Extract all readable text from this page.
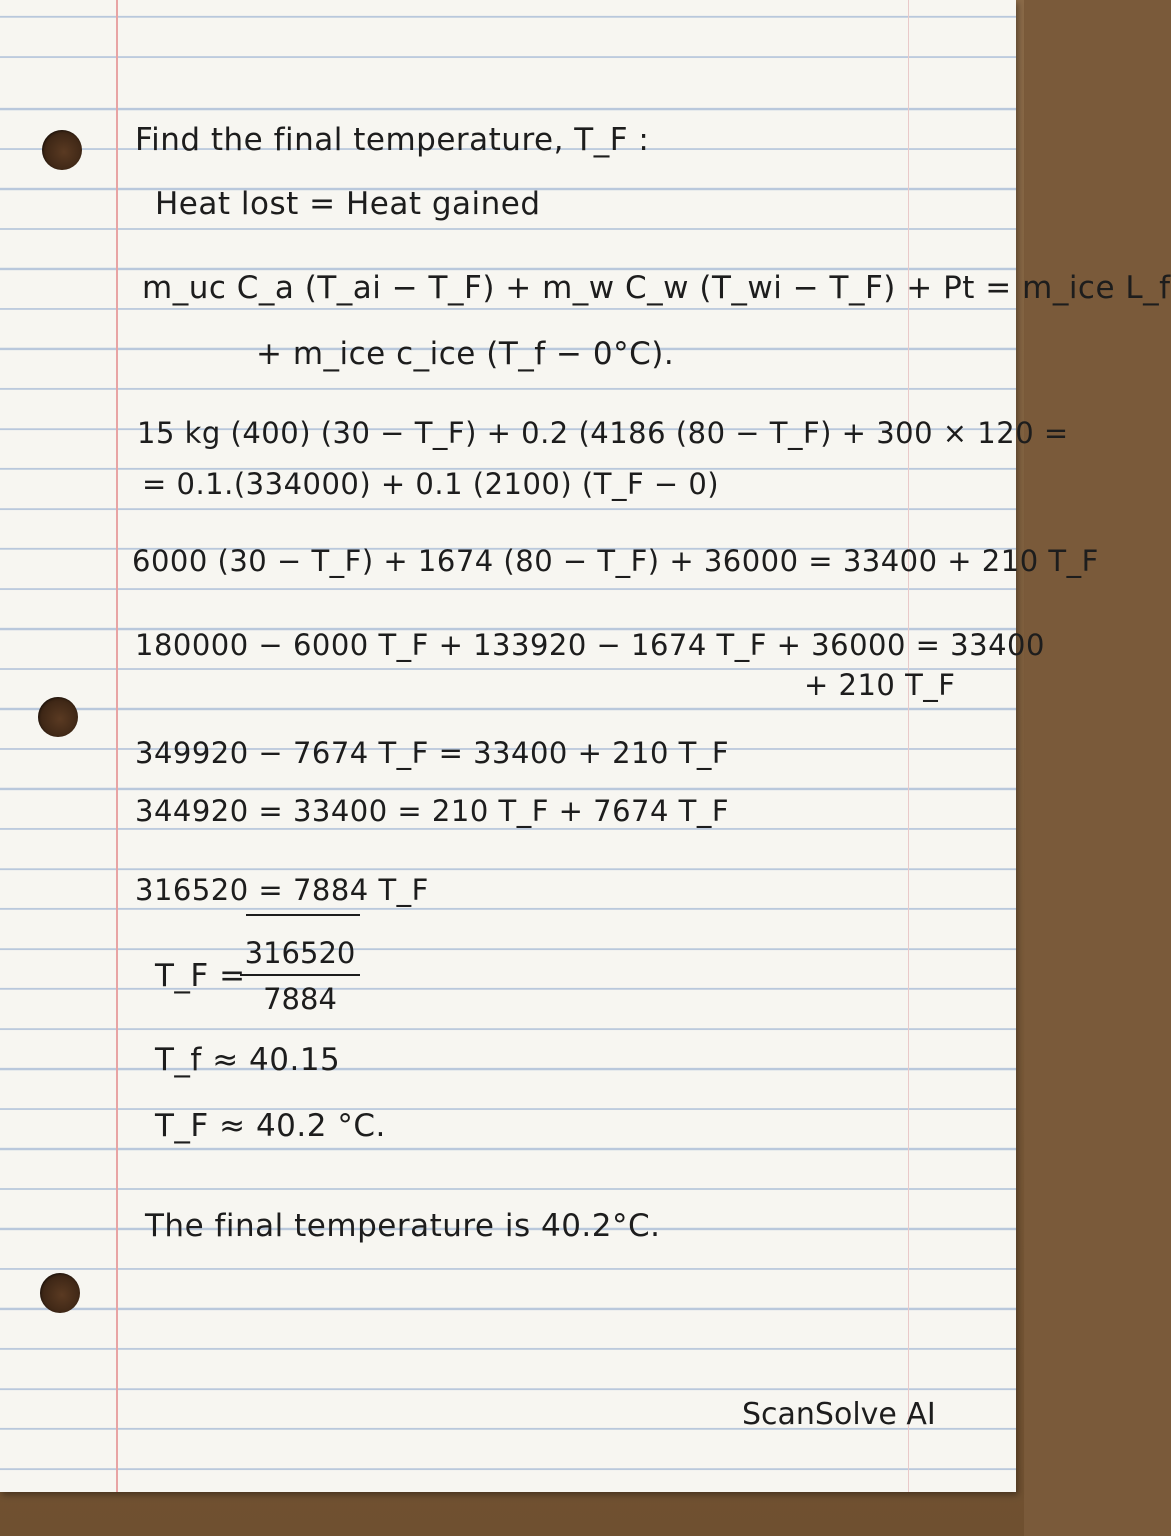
Find the final temperature, T_F :
Heat lost = Heat gained
m_uc C_a (T_ai − T_F) + m_w C_w (T_wi − T_F) + Pt = m_ice L_f
+ m_ice c_ice (T_f − 0°C).
15 kg (400) (30 − T_F) + 0.2 (4186 (80 − T_F) + 300 × 120 =
= 0.1.(334000) + 0.1 (2100) (T_F − 0)
6000 (30 − T_F) + 1674 (80 − T_F) + 36000 = 33400 + 210 T_F
180000 − 6000 T_F + 133920 − 1674 T_F + 36000 = 33400
+ 210 T_F
349920 − 7674 T_F = 33400 + 210 T_F
344920 = 33400 = 210 T_F + 7674 T_F
316520 = 7884 T_F
T_F =
$\frac{316520}{7884}$
T_f ≈ 40.15
T_F ≈ 40.2 °C.
The final temperature is 40.2°C.
ScanSolve AI
